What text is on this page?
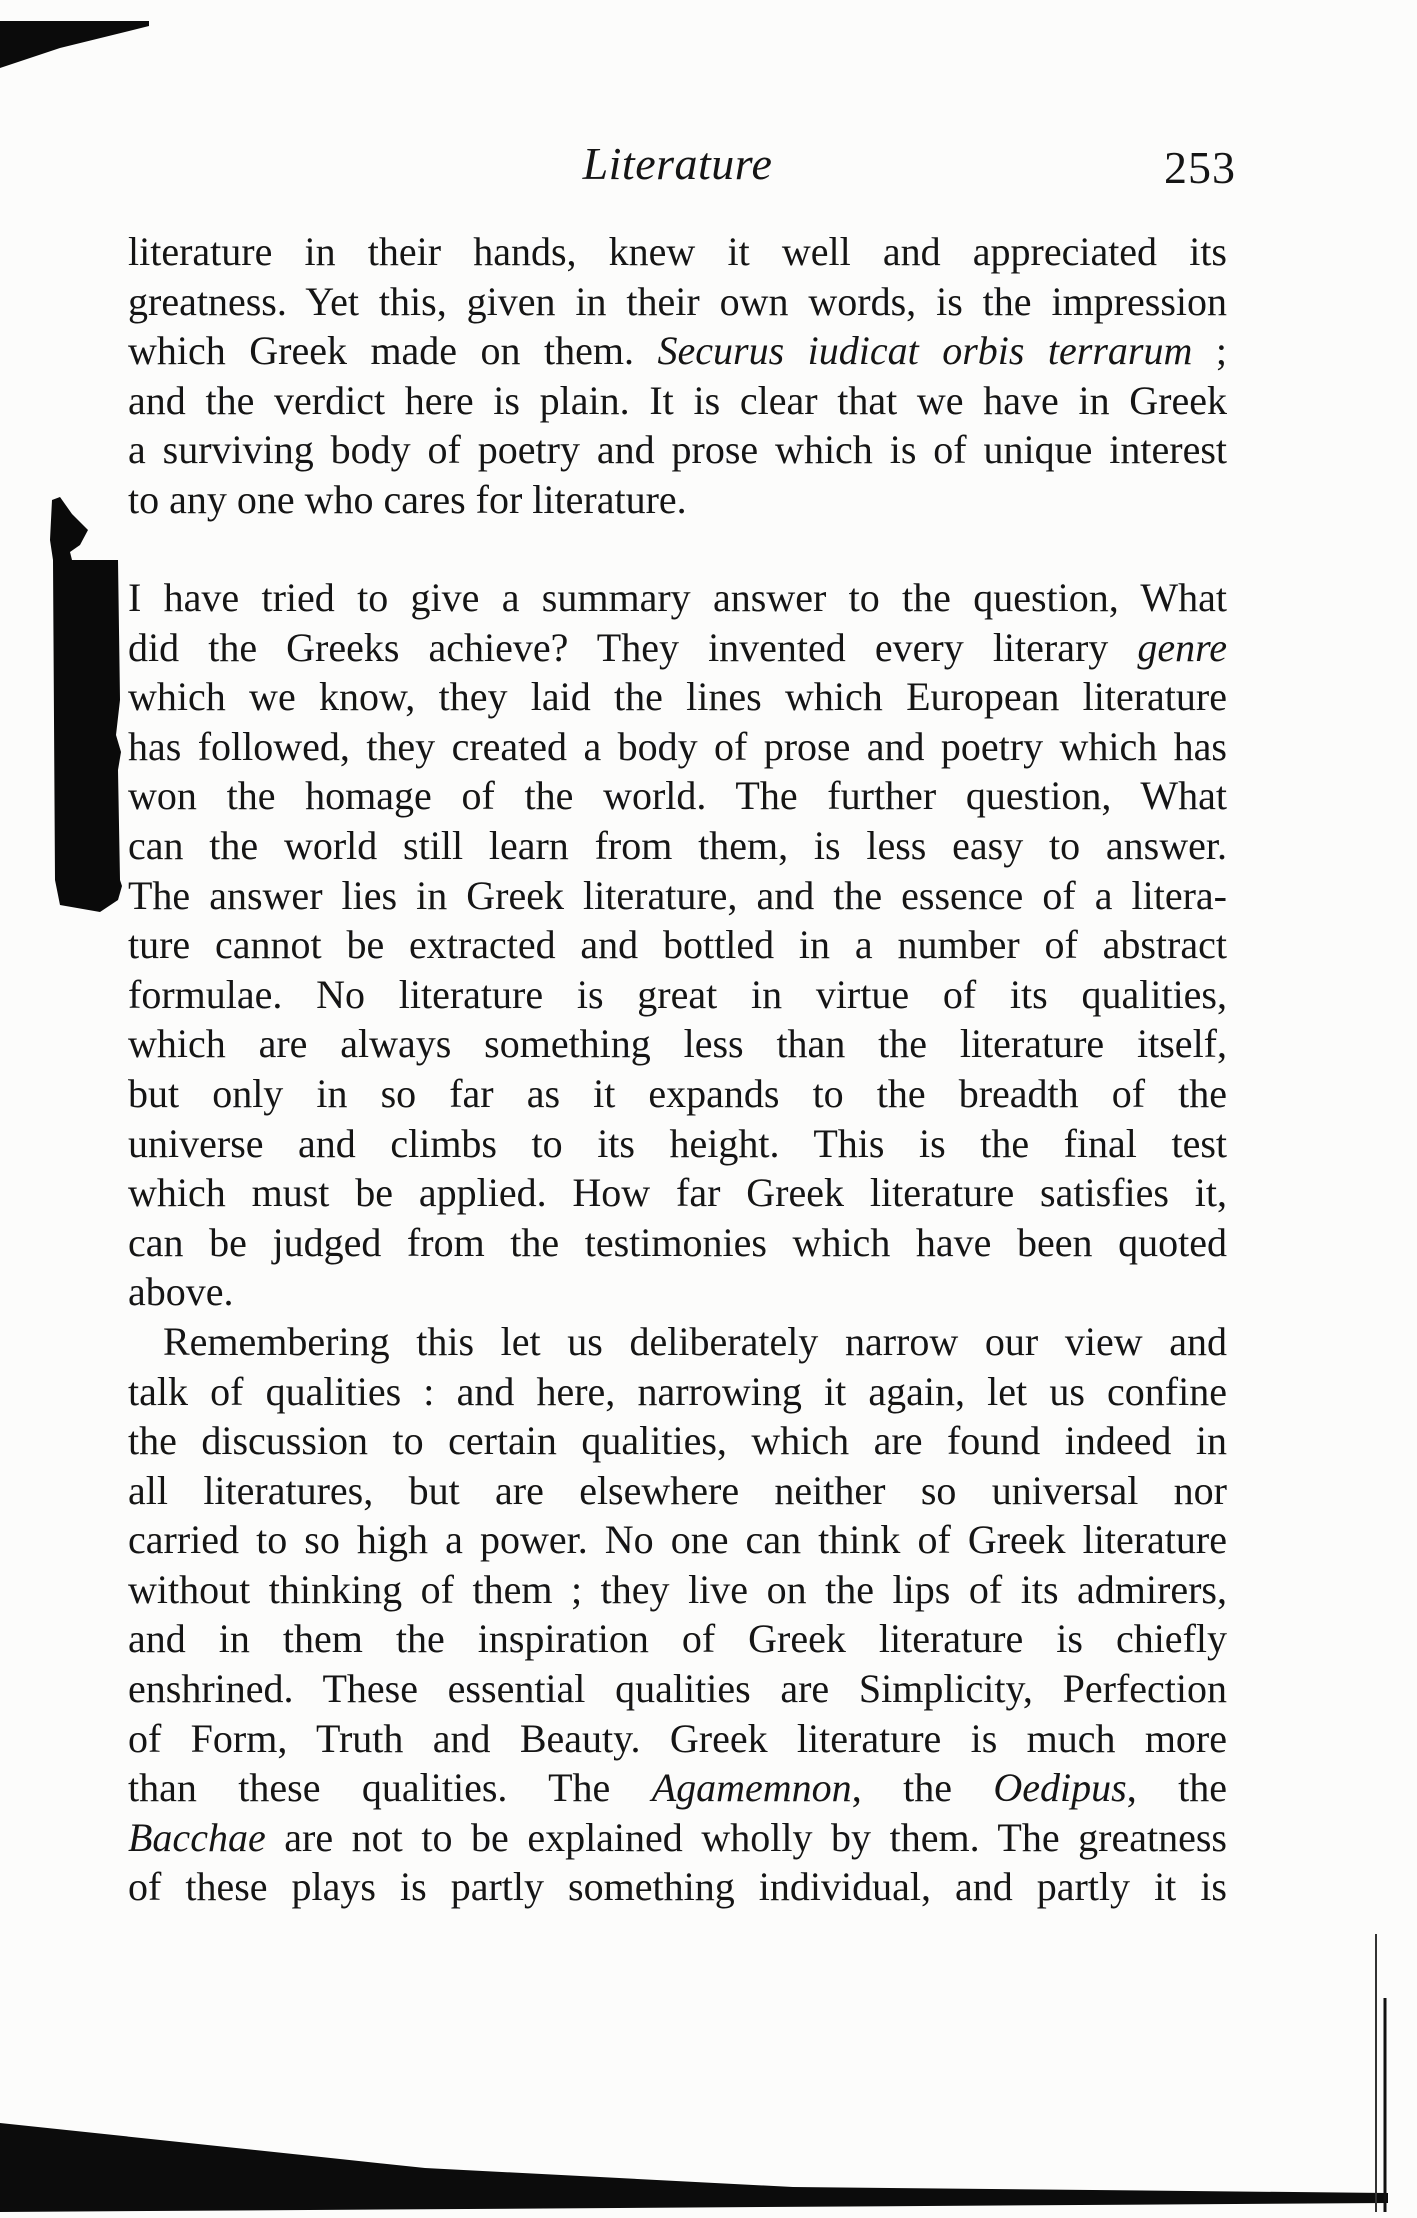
Literature	253
literature in their hands, knew it well and appreciated its
greatness. Yet this, given in their own words, is the impression
which Greek made on them. Securus iudicat orbis terrarum ;
and the verdict here is plain. It is clear that we have in Greek
a surviving body of poetry and prose which is of unique interest
to any one who cares for literature.
I have tried to give a summary answer to the question, What
did the Greeks achieve? They invented every literary genre
which we know, they laid the lines which European literature
has followed, they created a body of prose and poetry which has
won the homage of the world. The further question, What
can the world still learn from them, is less easy to answer.
The answer lies in Greek literature, and the essence of a litera-
ture cannot be extracted and bottled in a number of abstract
formulae. No literature is great in virtue of its qualities,
which are always something less than the literature itself,
but only in so far as it expands to the breadth of the
universe and climbs to its height. This is the final test
which must be applied. How far Greek literature satisfies it,
can be judged from the testimonies which have been quoted
above.
Remembering this let us deliberately narrow our view and
talk of qualities : and here, narrowing it again, let us confine
the discussion to certain qualities, which are found indeed in
all literatures, but are elsewhere neither so universal nor
carried to so high a power. No one can think of Greek literature
without thinking of them ; they live on the lips of its admirers,
and in them the inspiration of Greek literature is chiefly
enshrined. These essential qualities are Simplicity, Perfection
of Form, Truth and Beauty. Greek literature is much more
than these qualities. The Agamemnon, the Oedipus, the
Bacchae are not to be explained wholly by them. The greatness
of these plays is partly something individual, and partly it is
